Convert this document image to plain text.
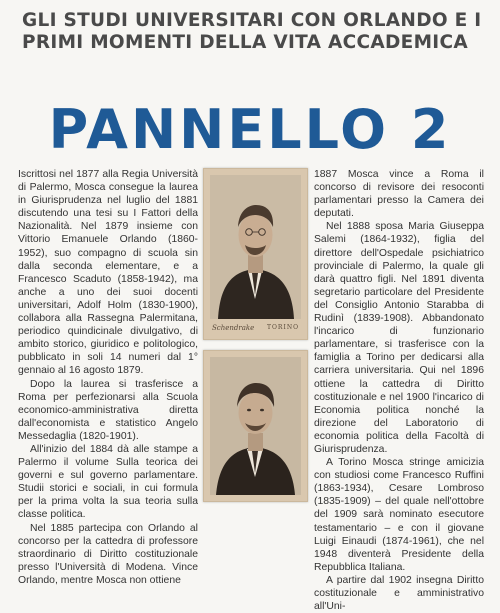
GLI STUDI UNIVERSITARI CON ORLANDO E I
PRIMI MOMENTI DELLA VITA ACCADEMICA
PANNELLO 2

Iscrittosi nel 1877 alla Regia Università di Palermo, Mosca consegue la laurea in Giurisprudenza nel luglio del 1881 discutendo una tesi su I Fattori della Nazionalità. Nel 1879 insieme con Vittorio Emanuele Orlando (1860-1952), suo compagno di scuola sin dalla seconda elementare, e a Francesco Scaduto (1858-1942), ma anche a uno dei suoi docenti universitari, Adolf Holm (1830-1900), collabora alla Rassegna Palermitana, periodico quindicinale divulgativo, di ambito storico, giuridico e politologico, pubblicato in soli 14 numeri dal 1° gennaio al 16 agosto 1879.

Dopo la laurea si trasferisce a Roma per perfezionarsi alla Scuola economico-amministrativa diretta dall'economista e statistico Angelo Messedaglia (1820-1901).

All'inizio del 1884 dà alle stampe a Palermo il volume Sulla teorica dei governi e sul governo parlamentare. Studii storici e sociali, in cui formula per la prima volta la sua teoria sulla classe politica.

Nel 1885 partecipa con Orlando al concorso per la cattedra di professore straordinario di Diritto costituzionale presso l'Università di Modena. Vince Orlando, mentre Mosca non ottiene

Schendrake TORINO

1887 Mosca vince a Roma il concorso di revisore dei resoconti parlamentari presso la Camera dei deputati.

Nel 1888 sposa Maria Giuseppa Salemi (1864-1932), figlia del direttore dell'Ospedale psichiatrico provinciale di Palermo, la quale gli darà quattro figli. Nel 1891 diventa segretario particolare del Presidente del Consiglio Antonio Starabba di Rudinì (1839-1908). Abbandonato l'incarico di funzionario parlamentare, si trasferisce con la famiglia a Torino per dedicarsi alla carriera universitaria. Qui nel 1896 ottiene la cattedra di Diritto costituzionale e nel 1900 l'incarico di Economia politica nonché la direzione del Laboratorio di economia politica della Facoltà di Giurisprudenza.

A Torino Mosca stringe amicizia con studiosi come Francesco Ruffini (1863-1934), Cesare Lombroso (1835-1909) – del quale nell'ottobre del 1909 sarà nominato esecutore testamentario – e con il giovane Luigi Einaudi (1874-1961), che nel 1948 diventerà Presidente della Repubblica Italiana.

A partire dal 1902 insegna Diritto costituzionale e amministrativo all'Uni-
